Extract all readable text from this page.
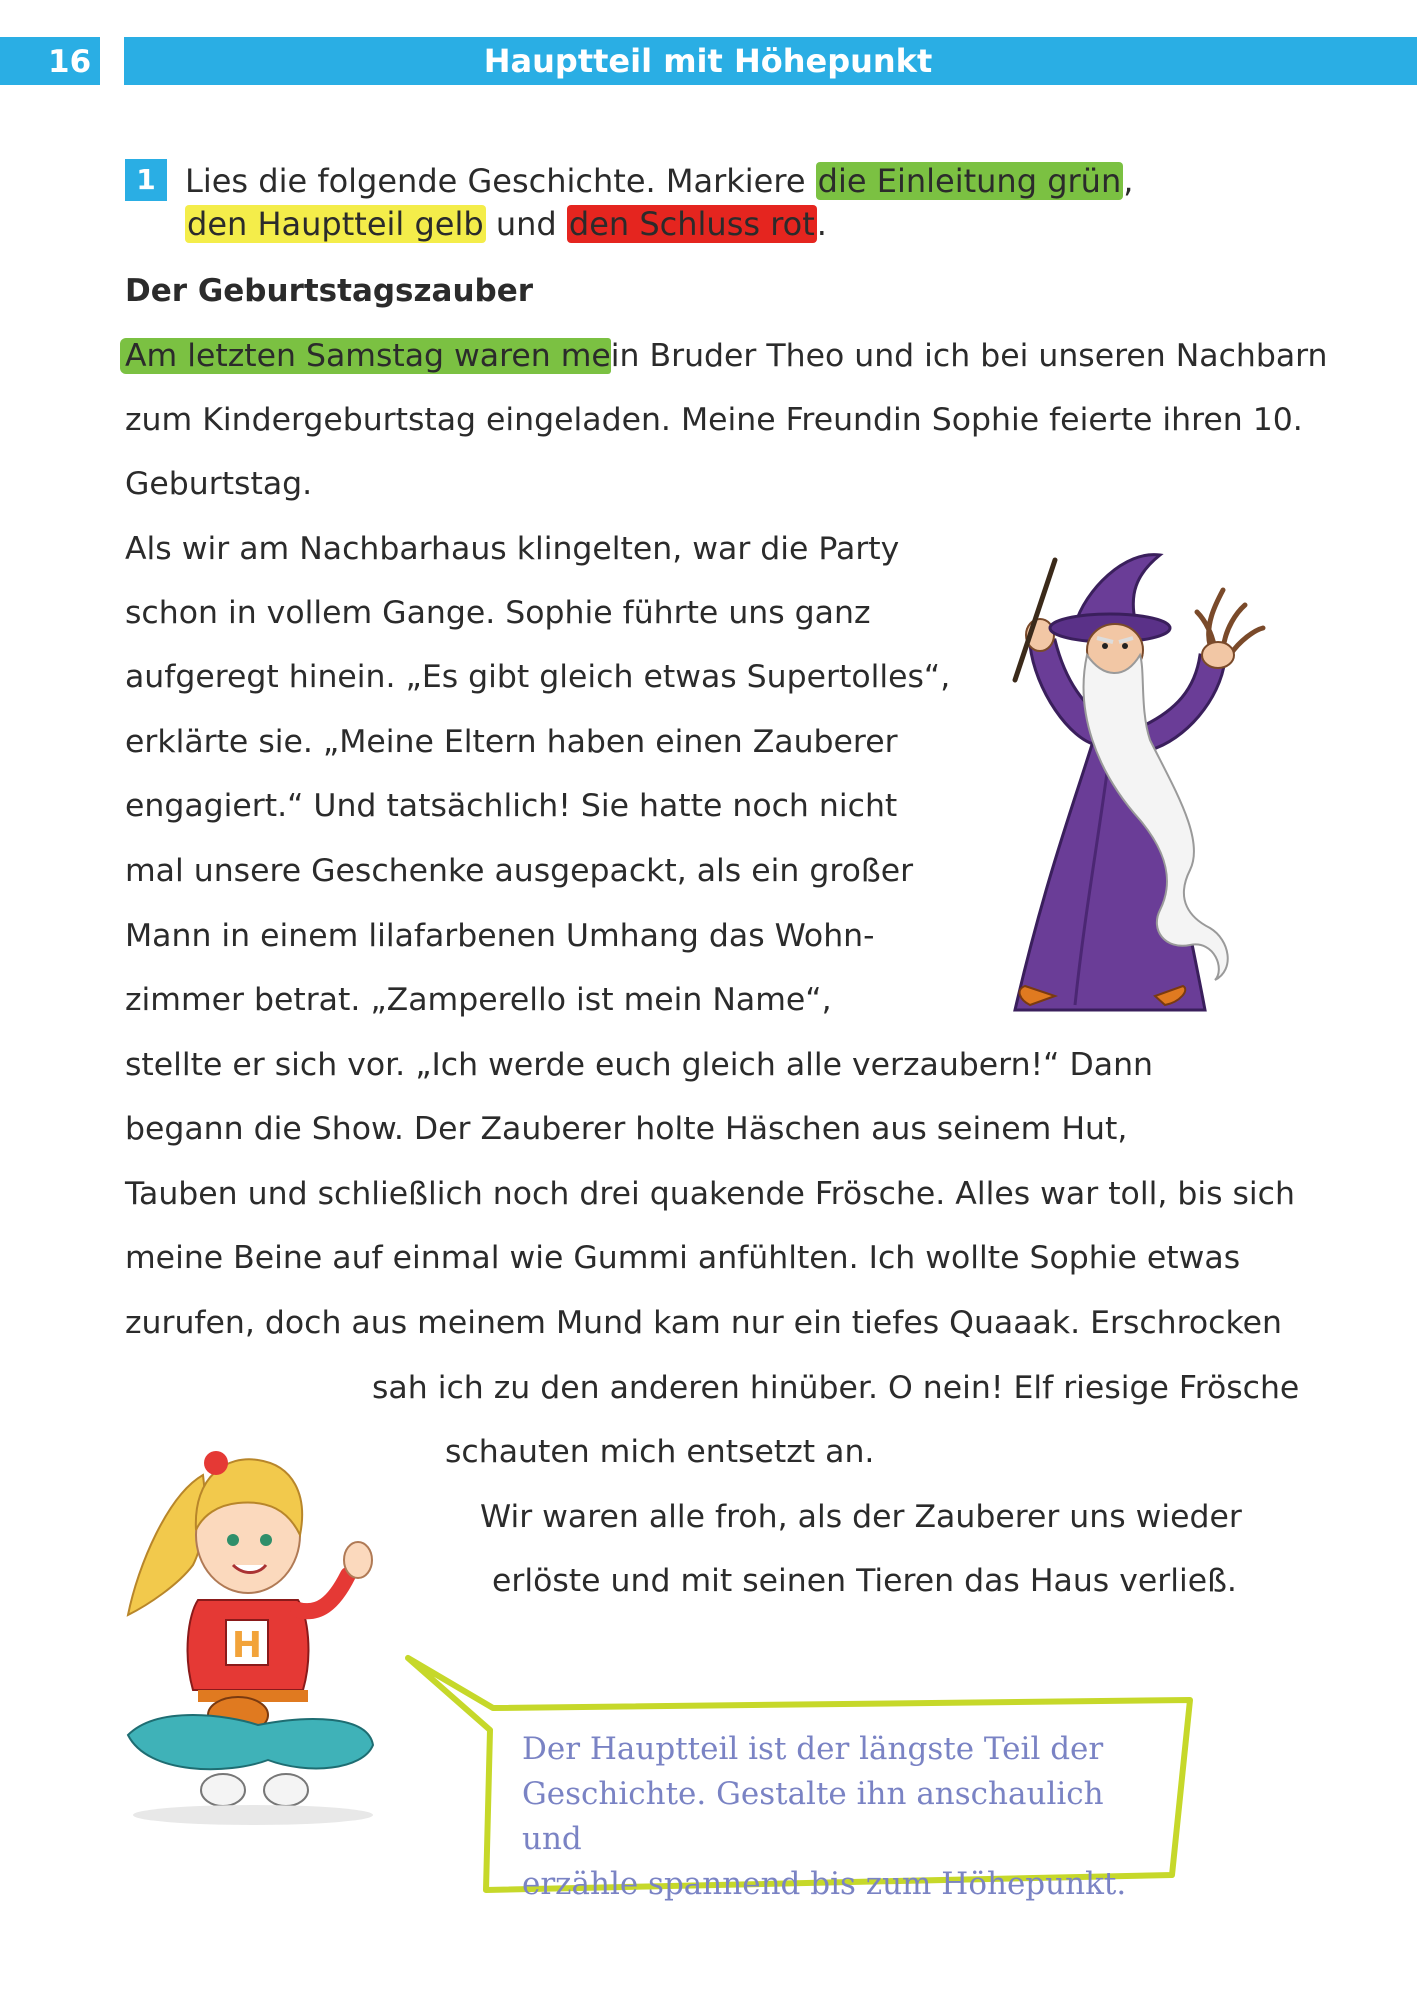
16	Hauptteil mit Höhepunkt
1 Lies die folgende Geschichte. Markiere die Einleitung grün,
den Hauptteil gelb und den Schluss rot.
Der Geburtstagszauber
Am letzten Samstag waren mein Bruder Theo und ich bei unseren Nachbarn
zum Kindergeburtstag eingeladen. Meine Freundin Sophie feierte ihren 10.
Geburtstag.
Als wir am Nachbarhaus klingelten, war die Party
schon in vollem Gange. Sophie führte uns ganz
aufgeregt hinein. „Es gibt gleich etwas Supertolles“,
erklärte sie. „Meine Eltern haben einen Zauberer
engagiert.“ Und tatsächlich! Sie hatte noch nicht
mal unsere Geschenke ausgepackt, als ein großer
Mann in einem lilafarbenen Umhang das Wohn-
zimmer betrat. „Zamperello ist mein Name“,
stellte er sich vor. „Ich werde euch gleich alle verzaubern!“ Dann
begann die Show. Der Zauberer holte Häschen aus seinem Hut,
Tauben und schließlich noch drei quakende Frösche. Alles war toll, bis sich
meine Beine auf einmal wie Gummi anfühlten. Ich wollte Sophie etwas
zurufen, doch aus meinem Mund kam nur ein tiefes Quaaak. Erschrocken
sah ich zu den anderen hinüber. O nein! Elf riesige Frösche
schauten mich entsetzt an.
Wir waren alle froh, als der Zauberer uns wieder
erlöste und mit seinen Tieren das Haus verließ.
H
Der Hauptteil ist der längste Teil der
Geschichte. Gestalte ihn anschaulich und
erzähle spannend bis zum Höhepunkt.
